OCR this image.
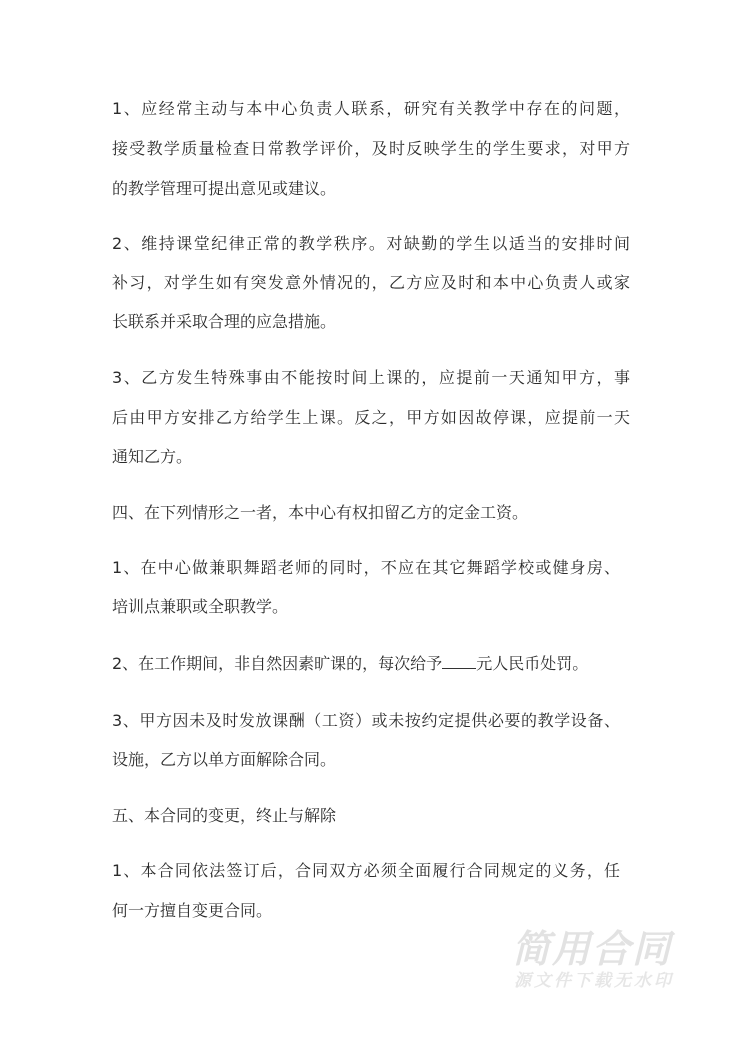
1、应经常主动与本中心负责人联系，研究有关教学中存在的问题，
接受教学质量检查日常教学评价，及时反映学生的学生要求，对甲方
的教学管理可提出意见或建议。
2、维持课堂纪律正常的教学秩序。对缺勤的学生以适当的安排时间
补习，对学生如有突发意外情况的，乙方应及时和本中心负责人或家
长联系并采取合理的应急措施。
3、乙方发生特殊事由不能按时间上课的，应提前一天通知甲方，事
后由甲方安排乙方给学生上课。反之，甲方如因故停课，应提前一天
通知乙方。
四、在下列情形之一者，本中心有权扣留乙方的定金工资。
1、在中心做兼职舞蹈老师的同时，不应在其它舞蹈学校或健身房、
培训点兼职或全职教学。
2、在工作期间，非自然因素旷课的，每次给予 元人民币处罚。
3、甲方因未及时发放课酬（工资）或未按约定提供必要的教学设备、
设施，乙方以单方面解除合同。
五、本合同的变更，终止与解除
1、本合同依法签订后，合同双方必须全面履行合同规定的义务，任
何一方擅自变更合同。
简用合同
源文件下载无水印
